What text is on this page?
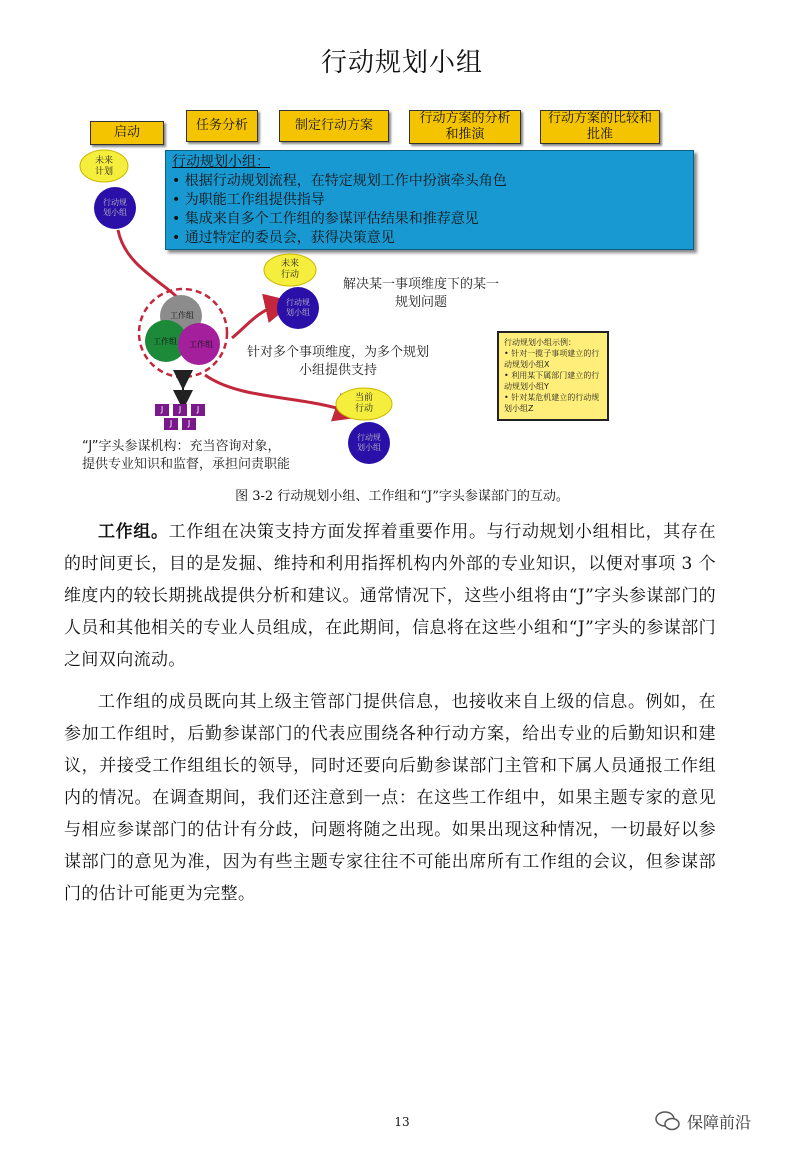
行动规划小组
启动	任务分析	制定行动方案	行动方案的分析
和推演
行动方案的比较和
批准
行动规划小组：
• 根据行动规划流程，在特定规划工作中扮演牵头角色
• 为职能工作组提供指导
• 集成来自多个工作组的参谋评估结果和推荐意见
• 通过特定的委员会，获得决策意见
未来
计划
行动规
划小组
未来
行动
行动规
划小组
当前
行动
行动规
划小组
工作组
工作组	工作组
J	J	J
J	J
解决某一事项维度下的某一
规划问题
针对多个事项维度，为多个规划
小组提供支持
“J”字头参谋机构：充当咨询对象，
提供专业知识和监督，承担问责职能
行动规划小组示例：
• 针对一揽子事项建立的行动规划小组X
• 利用某下属部门建立的行动规划小组Y
• 针对某危机建立的行动规划小组Z
图 3-2 行动规划小组、工作组和“J”字头参谋部门的互动。
工作组。工作组在决策支持方面发挥着重要作用。与行动规划小组相比，其存在的时间更长，目的是发掘、维持和利用指挥机构内外部的专业知识，以便对事项 3 个维度内的较长期挑战提供分析和建议。通常情况下，这些小组将由“J”字头参谋部门的人员和其他相关的专业人员组成，在此期间，信息将在这些小组和“J”字头的参谋部门之间双向流动。
工作组的成员既向其上级主管部门提供信息，也接收来自上级的信息。例如，在参加工作组时，后勤参谋部门的代表应围绕各种行动方案，给出专业的后勤知识和建议，并接受工作组组长的领导，同时还要向后勤参谋部门主管和下属人员通报工作组内的情况。在调查期间，我们还注意到一点：在这些工作组中，如果主题专家的意见与相应参谋部门的估计有分歧，问题将随之出现。如果出现这种情况，一切最好以参谋部门的意见为准，因为有些主题专家往往不可能出席所有工作组的会议，但参谋部门的估计可能更为完整。
13	保障前沿
